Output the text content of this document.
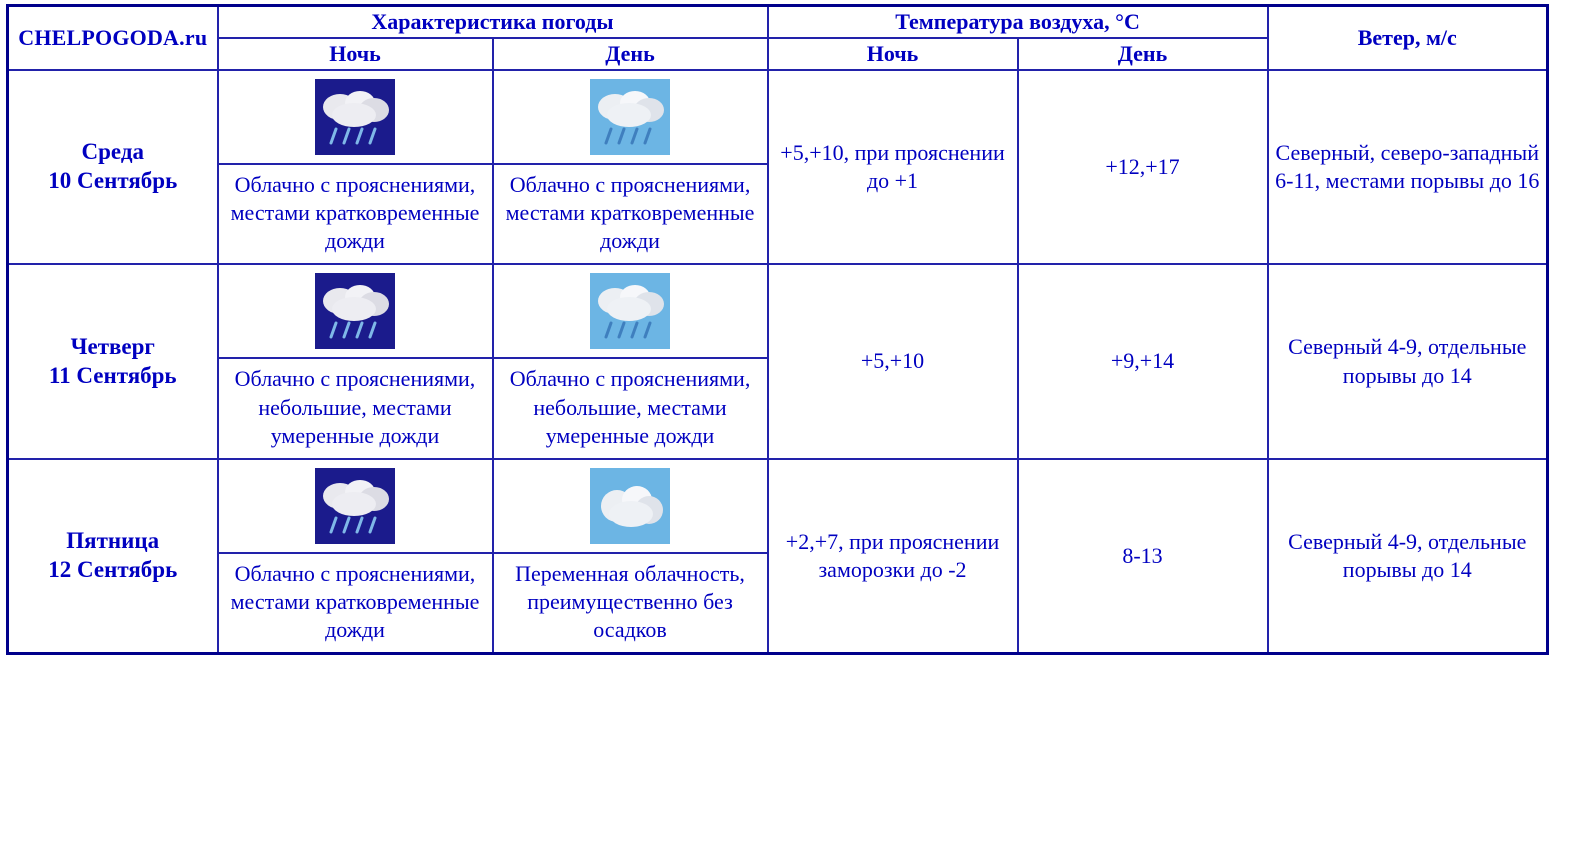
CHELPOGODA.ru	Характеристика погоды		Температура воздуха, °C		Ветер, м/с
	Ночь	День	Ночь	День	

Среда
10 Сентябрь	Облачно с прояснениями, местами кратковременные дожди	Облачно с прояснениями, местами кратковременные дожди	+5,+10, при прояснении до +1	+12,+17	Северный, северо-западный 6-11, местами порывы до 16

Четверг
11 Сентябрь	Облачно с прояснениями, небольшие, местами умеренные дожди	Облачно с прояснениями, небольшие, местами умеренные дожди	+5,+10	+9,+14	Северный 4-9, отдельные порывы до 14

Пятница
12 Сентябрь	Облачно с прояснениями, местами кратковременные дожди	Переменная облачность, преимущественно без осадков	+2,+7, при прояснении заморозки до -2	8-13	Северный 4-9, отдельные порывы до 14
